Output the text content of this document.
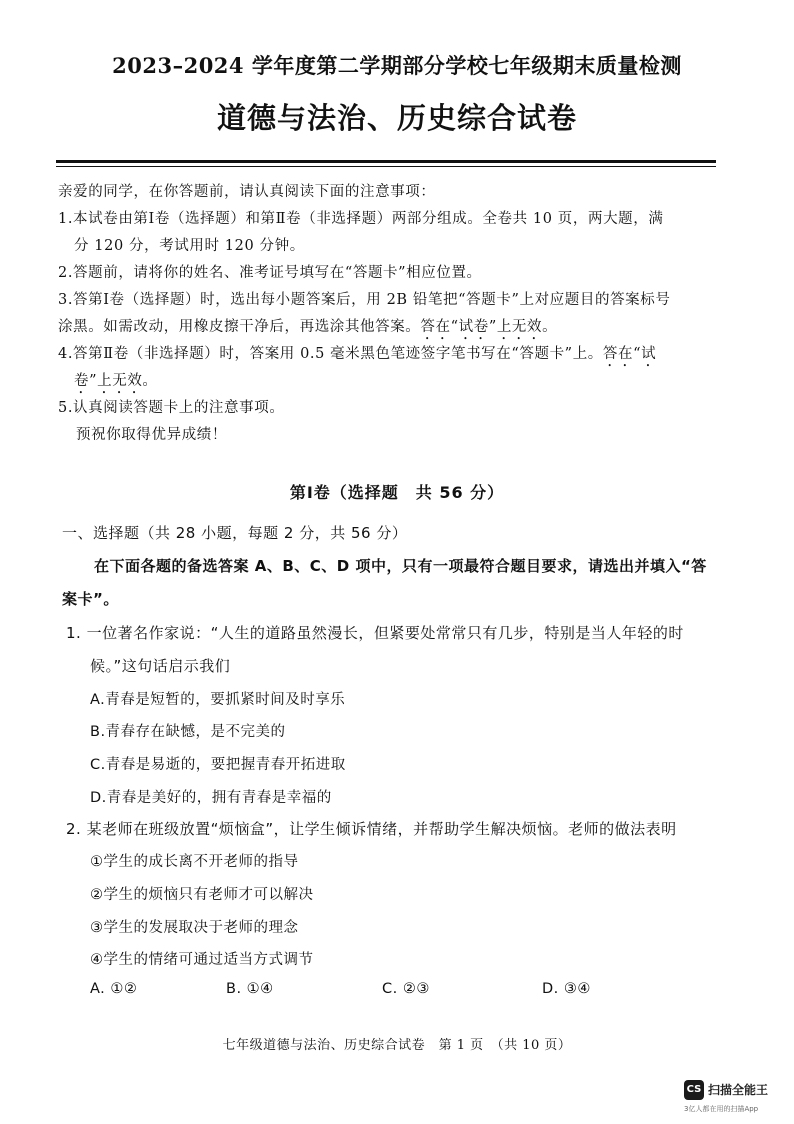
2023–2024 学年度第二学期部分学校七年级期末质量检测
道德与法治、历史综合试卷
亲爱的同学，在你答题前，请认真阅读下面的注意事项：
1.本试卷由第Ⅰ卷（选择题）和第Ⅱ卷（非选择题）两部分组成。全卷共 10 页，两大题，满
分 120 分，考试用时 120 分钟。
2.答题前，请将你的姓名、准考证号填写在“答题卡”相应位置。
3.答第Ⅰ卷（选择题）时，选出每小题答案后，用 2B 铅笔把“答题卡”上对应题目的答案标号
涂黑。如需改动，用橡皮擦干净后，再选涂其他答案。答在“试卷”上无效。
4.答第Ⅱ卷（非选择题）时，答案用 0.5 毫米黑色笔迹签字笔书写在“答题卡”上。答在“试
卷”上无效。
5.认真阅读答题卡上的注意事项。
预祝你取得优异成绩！
第Ⅰ卷（选择题　共 56 分）
一、选择题（共 28 小题，每题 2 分，共 56 分）
在下面各题的备选答案 A、B、C、D 项中，只有一项最符合题目要求，请选出并填入“答
案卡”。
1. 一位著名作家说：“人生的道路虽然漫长，但紧要处常常只有几步，特别是当人年轻的时
候。”这句话启示我们
A.青春是短暂的，要抓紧时间及时享乐
B.青春存在缺憾，是不完美的
C.青春是易逝的，要把握青春开拓进取
D.青春是美好的，拥有青春是幸福的
2. 某老师在班级放置“烦恼盒”，让学生倾诉情绪，并帮助学生解决烦恼。老师的做法表明
①学生的成长离不开老师的指导
②学生的烦恼只有老师才可以解决
③学生的发展取决于老师的理念
④学生的情绪可通过适当方式调节
A. ①②	B. ①④	C. ②③	D. ③④
七年级道德与法治、历史综合试卷　第 1 页　（共 10 页）
CS 扫描全能王
3亿人都在用的扫描App
